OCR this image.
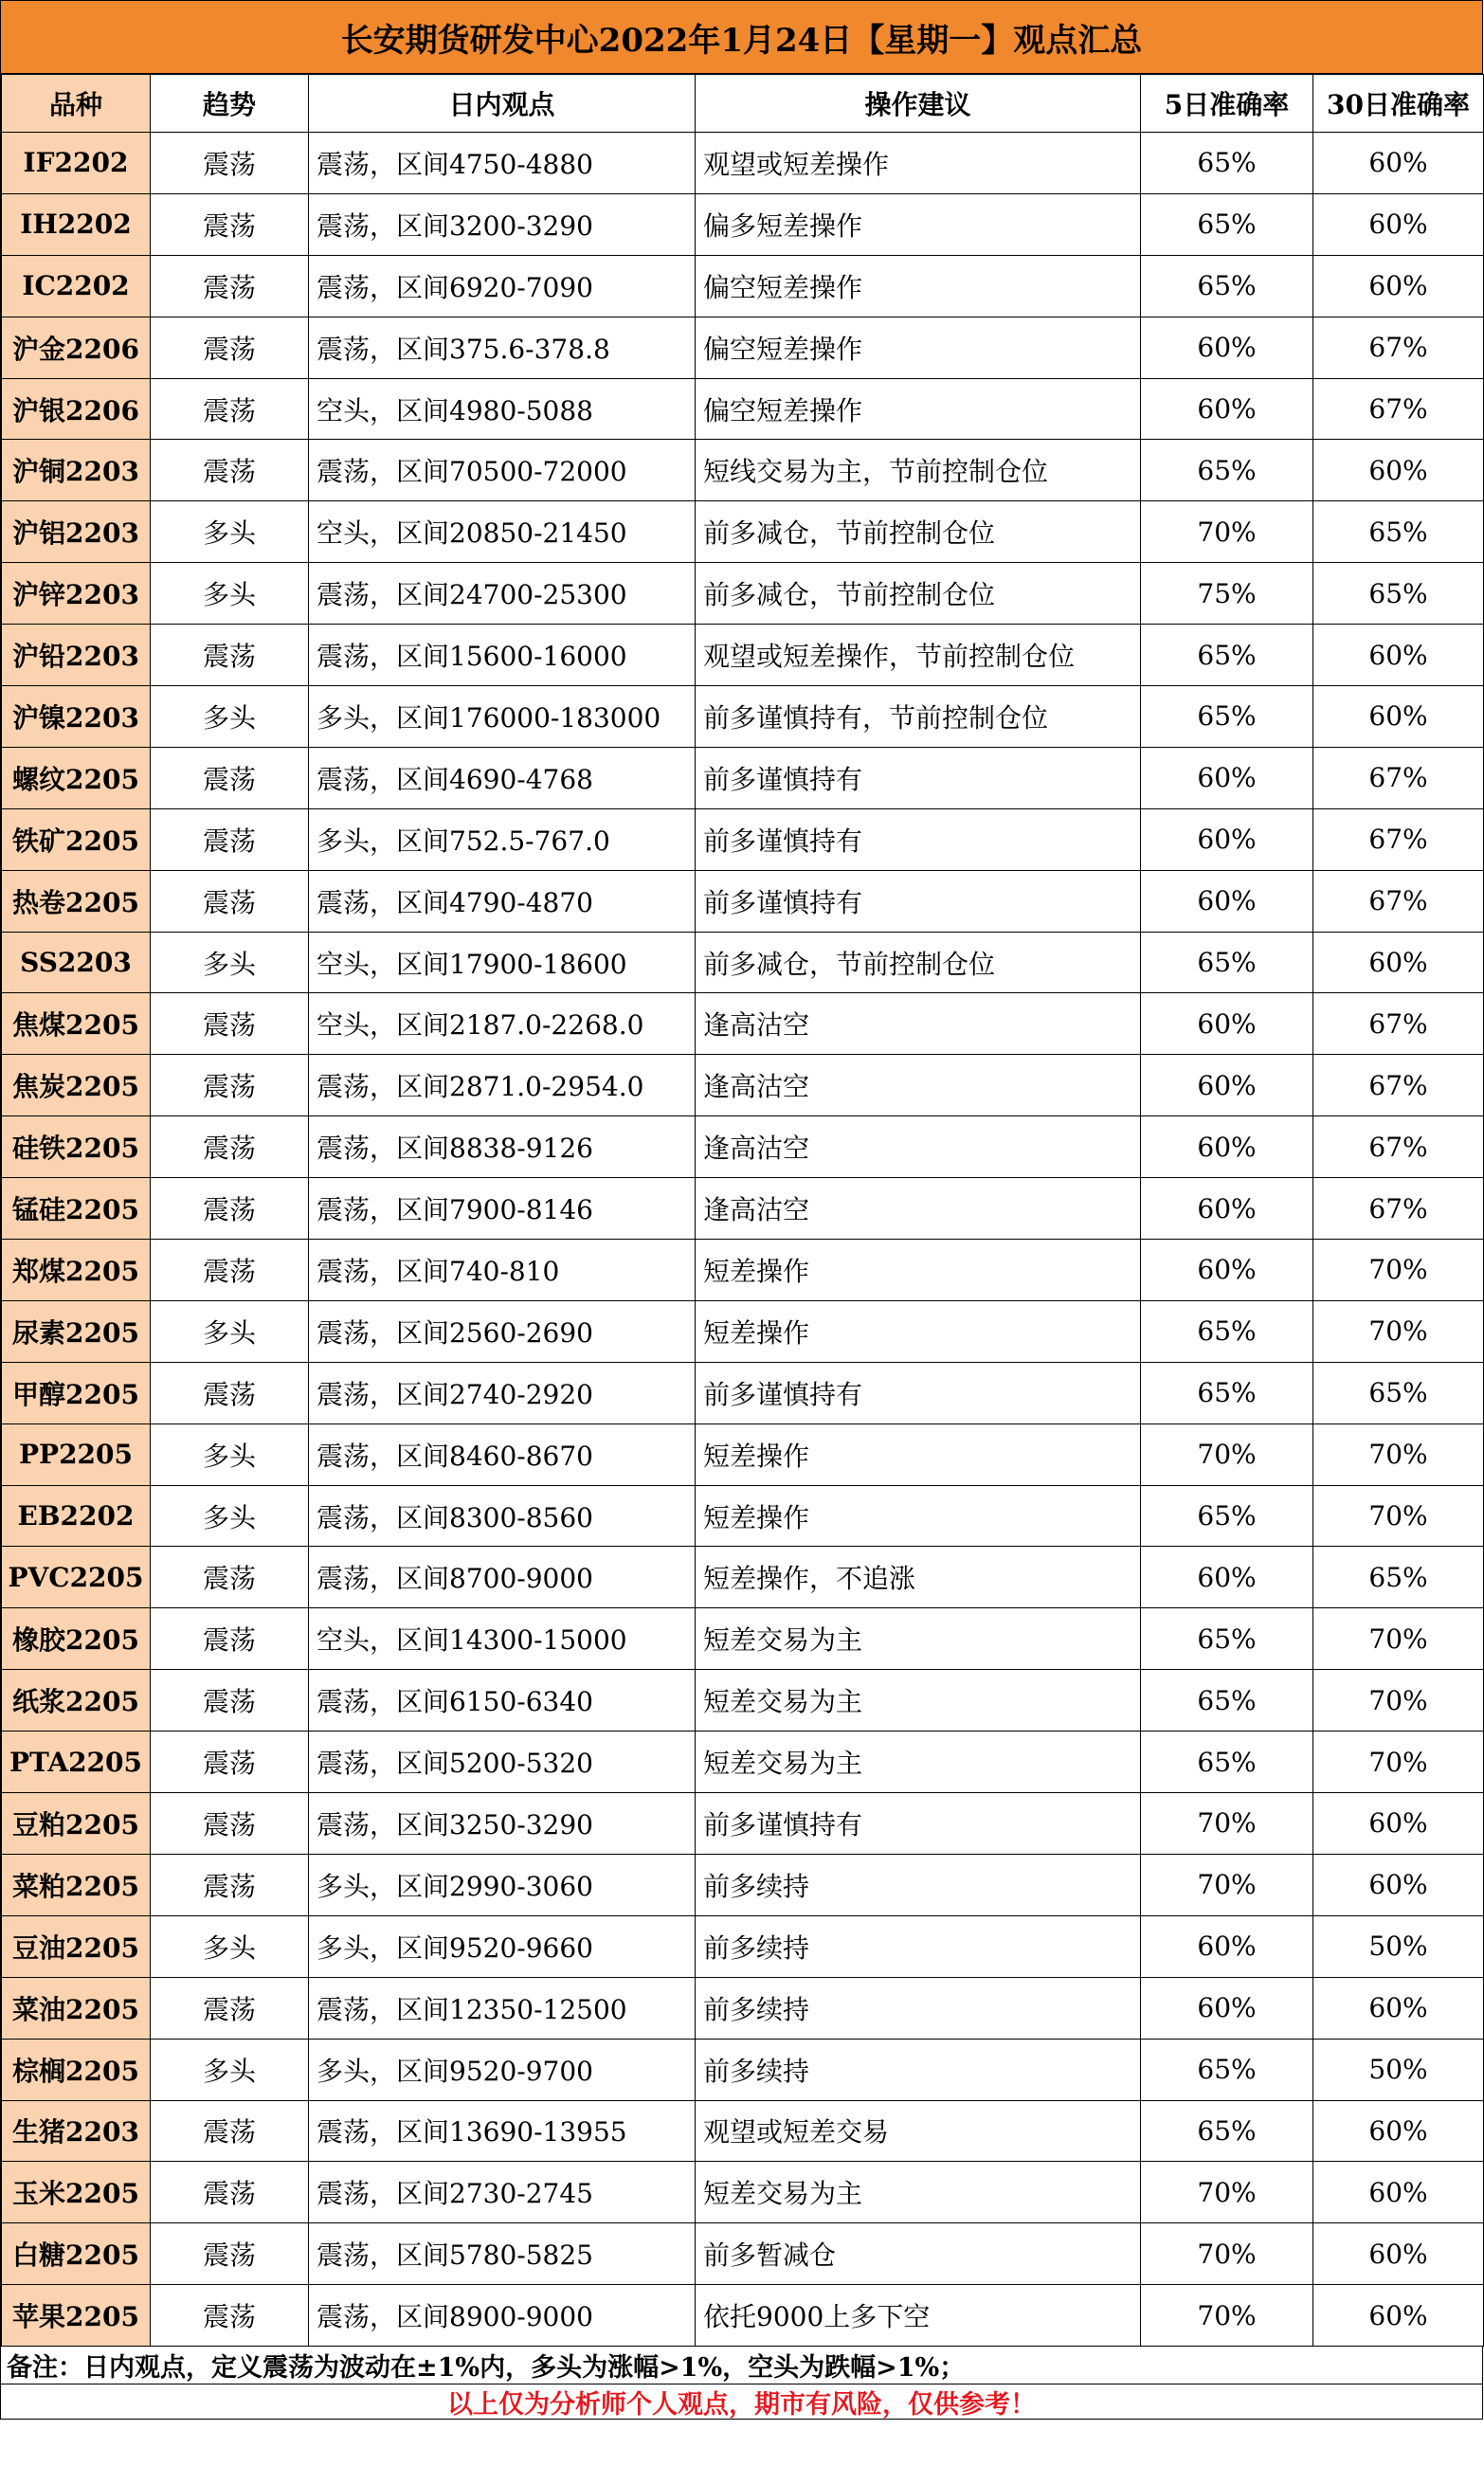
长安期货研发中心2022年1月24日【星期一】观点汇总
品种	趋势	日内观点	操作建议	5日准确率	30日准确率
IF2202	震荡	震荡，区间4750-4880	观望或短差操作	65%	60%
IH2202	震荡	震荡，区间3200-3290	偏多短差操作	65%	60%
IC2202	震荡	震荡，区间6920-7090	偏空短差操作	65%	60%
沪金2206	震荡	震荡，区间375.6-378.8	偏空短差操作	60%	67%
沪银2206	震荡	空头，区间4980-5088	偏空短差操作	60%	67%
沪铜2203	震荡	震荡，区间70500-72000	短线交易为主，节前控制仓位	65%	60%
沪铝2203	多头	空头，区间20850-21450	前多减仓，节前控制仓位	70%	65%
沪锌2203	多头	震荡，区间24700-25300	前多减仓，节前控制仓位	75%	65%
沪铅2203	震荡	震荡，区间15600-16000	观望或短差操作，节前控制仓位	65%	60%
沪镍2203	多头	多头，区间176000-183000	前多谨慎持有，节前控制仓位	65%	60%
螺纹2205	震荡	震荡，区间4690-4768	前多谨慎持有	60%	67%
铁矿2205	震荡	多头，区间752.5-767.0	前多谨慎持有	60%	67%
热卷2205	震荡	震荡，区间4790-4870	前多谨慎持有	60%	67%
SS2203	多头	空头，区间17900-18600	前多减仓，节前控制仓位	65%	60%
焦煤2205	震荡	空头，区间2187.0-2268.0	逢高沽空	60%	67%
焦炭2205	震荡	震荡，区间2871.0-2954.0	逢高沽空	60%	67%
硅铁2205	震荡	震荡，区间8838-9126	逢高沽空	60%	67%
锰硅2205	震荡	震荡，区间7900-8146	逢高沽空	60%	67%
郑煤2205	震荡	震荡，区间740-810	短差操作	60%	70%
尿素2205	多头	震荡，区间2560-2690	短差操作	65%	70%
甲醇2205	震荡	震荡，区间2740-2920	前多谨慎持有	65%	65%
PP2205	多头	震荡，区间8460-8670	短差操作	70%	70%
EB2202	多头	震荡，区间8300-8560	短差操作	65%	70%
PVC2205	震荡	震荡，区间8700-9000	短差操作，不追涨	60%	65%
橡胶2205	震荡	空头，区间14300-15000	短差交易为主	65%	70%
纸浆2205	震荡	震荡，区间6150-6340	短差交易为主	65%	70%
PTA2205	震荡	震荡，区间5200-5320	短差交易为主	65%	70%
豆粕2205	震荡	震荡，区间3250-3290	前多谨慎持有	70%	60%
菜粕2205	震荡	多头，区间2990-3060	前多续持	70%	60%
豆油2205	多头	多头，区间9520-9660	前多续持	60%	50%
菜油2205	震荡	震荡，区间12350-12500	前多续持	60%	60%
棕榈2205	多头	多头，区间9520-9700	前多续持	65%	50%
生猪2203	震荡	震荡，区间13690-13955	观望或短差交易	65%	60%
玉米2205	震荡	震荡，区间2730-2745	短差交易为主	70%	60%
白糖2205	震荡	震荡，区间5780-5825	前多暂减仓	70%	60%
苹果2205	震荡	震荡，区间8900-9000	依托9000上多下空	70%	60%
备注：日内观点，定义震荡为波动在±1%内，多头为涨幅>1%，空头为跌幅>1%；
以上仅为分析师个人观点，期市有风险，仅供参考！
